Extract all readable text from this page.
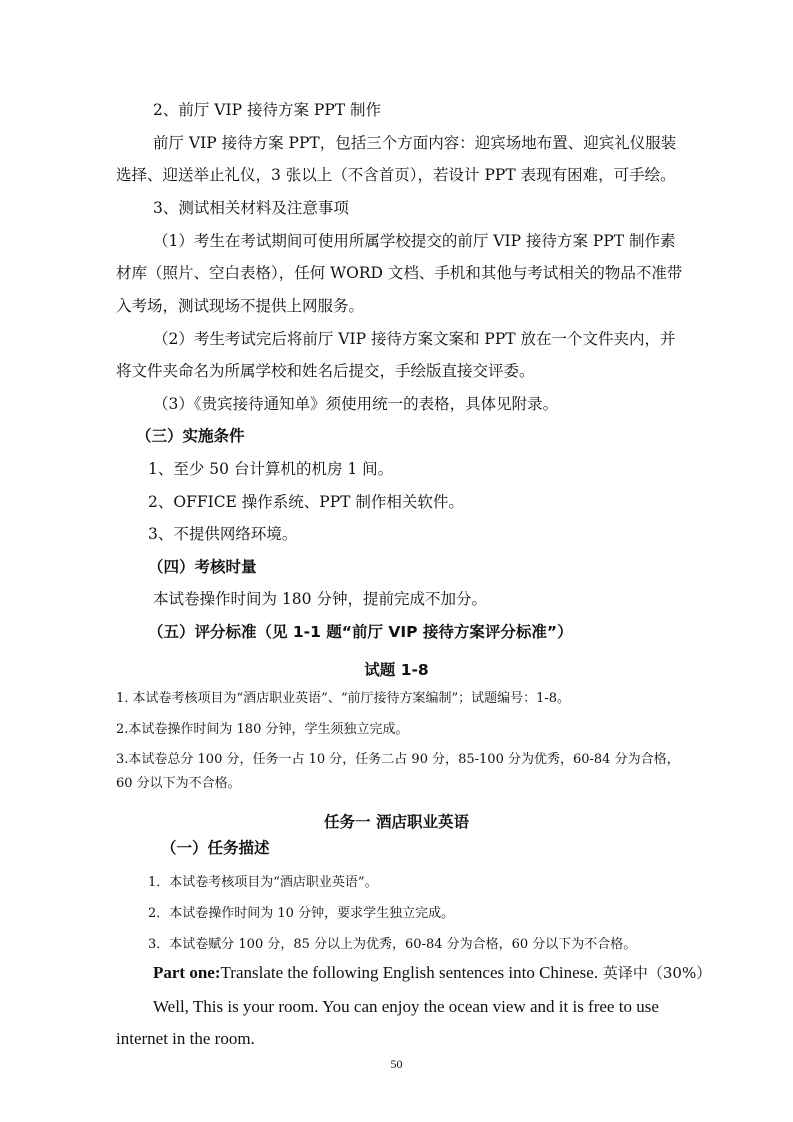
2、前厅 VIP 接待方案 PPT 制作
前厅 VIP 接待方案 PPT，包括三个方面内容：迎宾场地布置、迎宾礼仪服装
选择、迎送举止礼仪，3 张以上（不含首页），若设计 PPT 表现有困难，可手绘。
3、测试相关材料及注意事项
（1）考生在考试期间可使用所属学校提交的前厅 VIP 接待方案 PPT 制作素
材库（照片、空白表格），任何 WORD 文档、手机和其他与考试相关的物品不准带
入考场，测试现场不提供上网服务。
（2）考生考试完后将前厅 VIP 接待方案文案和 PPT 放在一个文件夹内，并
将文件夹命名为所属学校和姓名后提交，手绘版直接交评委。
（3）《贵宾接待通知单》须使用统一的表格，具体见附录。
（三）实施条件
1、至少 50 台计算机的机房 1 间。
2、OFFICE 操作系统、PPT 制作相关软件。
3、不提供网络环境。
（四）考核时量
本试卷操作时间为 180 分钟，提前完成不加分。
（五）评分标准（见 1-1 题“前厅 VIP 接待方案评分标准”）
试题 1-8
1. 本试卷考核项目为“酒店职业英语”、“前厅接待方案编制”；试题编号：1-8。
2.本试卷操作时间为 180 分钟，学生须独立完成。
3.本试卷总分 100 分，任务一占 10 分，任务二占 90 分，85-100 分为优秀，60-84 分为合格，
60 分以下为不合格。
任务一 酒店职业英语
（一）任务描述
1．本试卷考核项目为“酒店职业英语”。
2．本试卷操作时间为 10 分钟，要求学生独立完成。
3．本试卷赋分 100 分，85 分以上为优秀，60-84 分为合格，60 分以下为不合格。
Part one:Translate the following English sentences into Chinese. 英译中（30%）
Well, This is your room. You can enjoy the ocean view and it is free to use
internet in the room.
50
